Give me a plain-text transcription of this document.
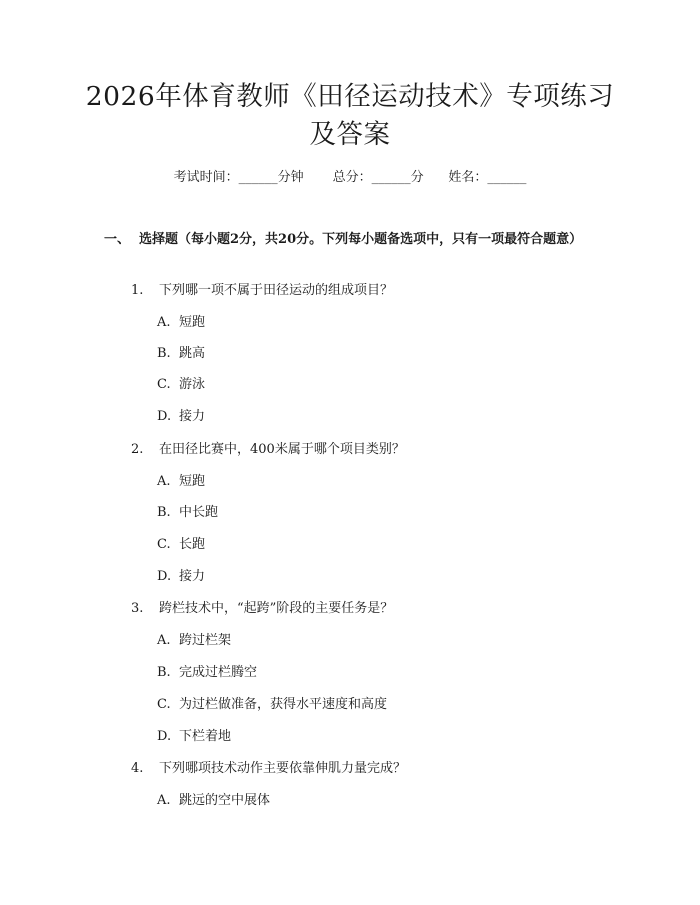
2026年体育教师《田径运动技术》专项练习
及答案
考试时间：______分钟 总分：______分 姓名：______
一、 选择题（每小题2分，共20分。下列每小题备选项中，只有一项最符合题意）
1. 下列哪一项不属于田径运动的组成项目？
A. 短跑
B. 跳高
C. 游泳
D. 接力
2. 在田径比赛中，400米属于哪个项目类别？
A. 短跑
B. 中长跑
C. 长跑
D. 接力
3. 跨栏技术中，“起跨”阶段的主要任务是？
A. 跨过栏架
B. 完成过栏腾空
C. 为过栏做准备，获得水平速度和高度
D. 下栏着地
4. 下列哪项技术动作主要依靠伸肌力量完成？
A. 跳远的空中展体
